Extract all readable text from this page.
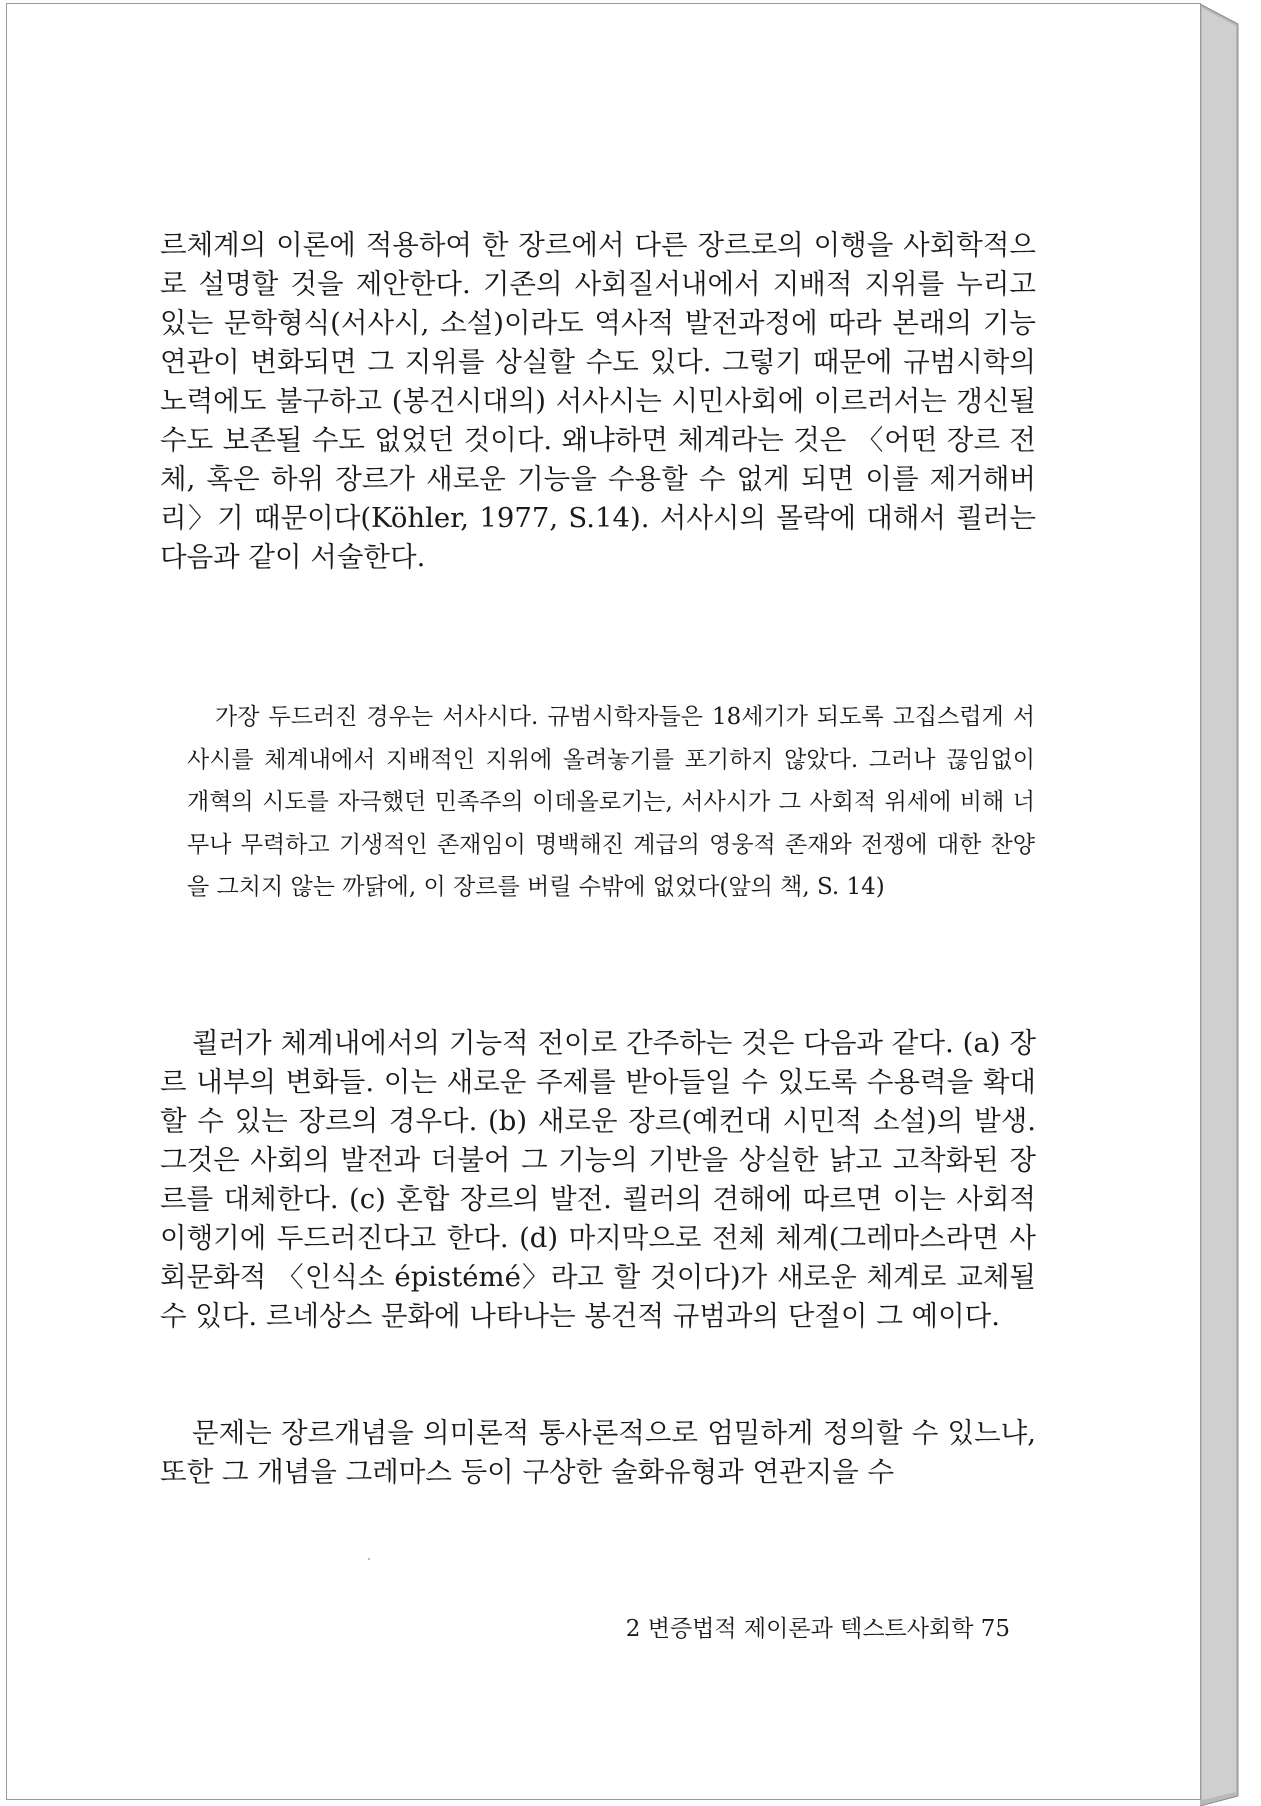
르체계의 이론에 적용하여 한 장르에서 다른 장르로의 이행을 사회학적으로 설명할 것을 제안한다. 기존의 사회질서내에서 지배적 지위를 누리고 있는 문학형식(서사시, 소설)이라도 역사적 발전과정에 따라 본래의 기능연관이 변화되면 그 지위를 상실할 수도 있다. 그렇기 때문에 규범시학의 노력에도 불구하고 (봉건시대의) 서사시는 시민사회에 이르러서는 갱신될 수도 보존될 수도 없었던 것이다. 왜냐하면 체계라는 것은 〈어떤 장르 전체, 혹은 하위 장르가 새로운 기능을 수용할 수 없게 되면 이를 제거해버리〉기 때문이다(Köhler, 1977, S.14). 서사시의 몰락에 대해서 쾰러는 다음과 같이 서술한다.

가장 두드러진 경우는 서사시다. 규범시학자들은 18세기가 되도록 고집스럽게 서사시를 체계내에서 지배적인 지위에 올려놓기를 포기하지 않았다. 그러나 끊임없이 개혁의 시도를 자극했던 민족주의 이데올로기는, 서사시가 그 사회적 위세에 비해 너무나 무력하고 기생적인 존재임이 명백해진 계급의 영웅적 존재와 전쟁에 대한 찬양을 그치지 않는 까닭에, 이 장르를 버릴 수밖에 없었다(앞의 책, S. 14)

쾰러가 체계내에서의 기능적 전이로 간주하는 것은 다음과 같다. (a) 장르 내부의 변화들. 이는 새로운 주제를 받아들일 수 있도록 수용력을 확대할 수 있는 장르의 경우다. (b) 새로운 장르(예컨대 시민적 소설)의 발생. 그것은 사회의 발전과 더불어 그 기능의 기반을 상실한 낡고 고착화된 장르를 대체한다. (c) 혼합 장르의 발전. 쾰러의 견해에 따르면 이는 사회적 이행기에 두드러진다고 한다. (d) 마지막으로 전체 체계(그레마스라면 사회문화적 〈인식소 épistémé〉라고 할 것이다)가 새로운 체계로 교체될 수 있다. 르네상스 문화에 나타나는 봉건적 규범과의 단절이 그 예이다.

문제는 장르개념을 의미론적 통사론적으로 엄밀하게 정의할 수 있느냐, 또한 그 개념을 그레마스 등이 구상한 술화유형과 연관지을 수

2 변증법적 제이론과 텍스트사회학 75
